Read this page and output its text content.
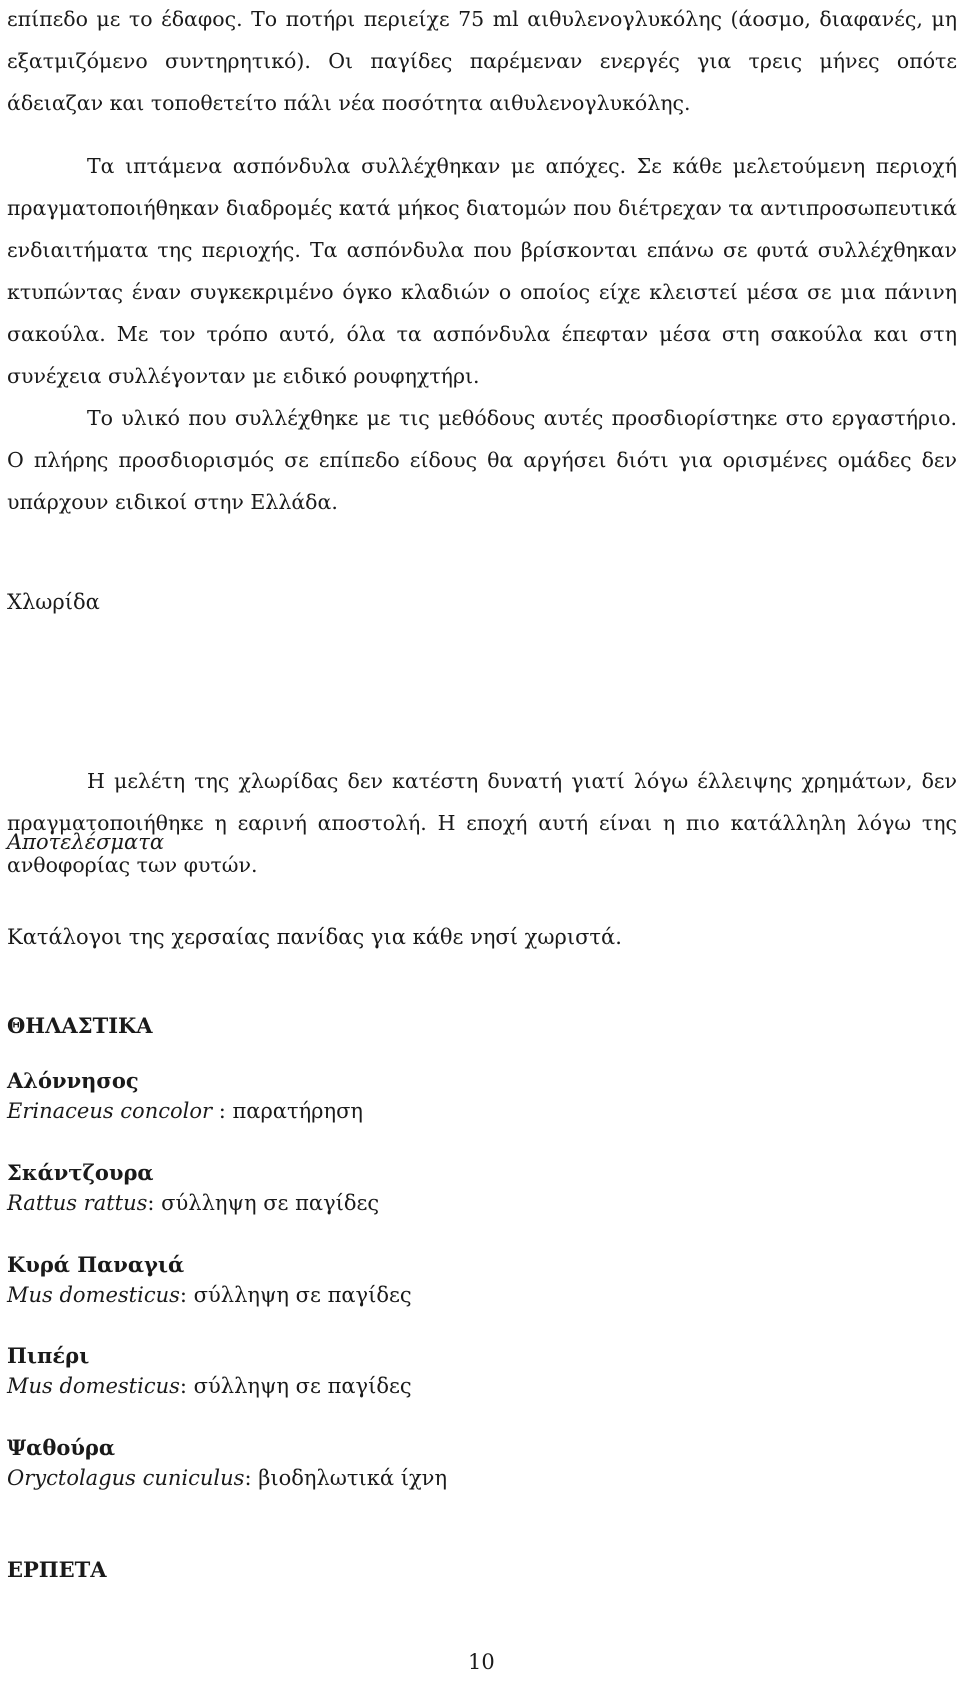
επίπεδο με το έδαφος. Το ποτήρι περιείχε 75 ml αιθυλενογλυκόλης (άοσμο, διαφανές, μη εξατμιζόμενο συντηρητικό). Οι παγίδες παρέμεναν ενεργές για τρεις μήνες οπότε άδειαζαν και τοποθετείτο πάλι νέα ποσότητα αιθυλενογλυκόλης.

Τα ιπτάμενα ασπόνδυλα συλλέχθηκαν με απόχες. Σε κάθε μελετούμενη περιοχή πραγματοποιήθηκαν διαδρομές κατά μήκος διατομών που διέτρεχαν τα αντιπροσωπευτικά ενδιαιτήματα της περιοχής. Τα ασπόνδυλα που βρίσκονται επάνω σε φυτά συλλέχθηκαν κτυπώντας έναν συγκεκριμένο όγκο κλαδιών ο οποίος είχε κλειστεί μέσα σε μια πάνινη σακούλα. Με τον τρόπο αυτό, όλα τα ασπόνδυλα έπεφταν μέσα στη σακούλα και στη συνέχεια συλλέγονταν με ειδικό ρουφηχτήρι.
Το υλικό που συλλέχθηκε με τις μεθόδους αυτές προσδιορίστηκε στο εργαστήριο. Ο πλήρης προσδιορισμός σε επίπεδο είδους θα αργήσει διότι για ορισμένες ομάδες δεν υπάρχουν ειδικοί στην Ελλάδα.

Χλωρίδα

Η μελέτη της χλωρίδας δεν κατέστη δυνατή γιατί λόγω έλλειψης χρημάτων, δεν πραγματοποιήθηκε η εαρινή αποστολή. Η εποχή αυτή είναι η πιο κατάλληλη λόγω της ανθοφορίας των φυτών.

Αποτελέσματα

Κατάλογοι της χερσαίας πανίδας για κάθε νησί χωριστά.

ΘΗΛΑΣΤΙΚΑ
Αλόννησος
Erinaceus concolor : παρατήρηση
Σκάντζουρα
Rattus rattus: σύλληψη σε παγίδες
Κυρά Παναγιά
Mus domesticus: σύλληψη σε παγίδες
Πιπέρι
Mus domesticus: σύλληψη σε παγίδες
Ψαθούρα
Oryctolagus cuniculus: βιοδηλωτικά ίχνη
ΕΡΠΕΤΑ
10
